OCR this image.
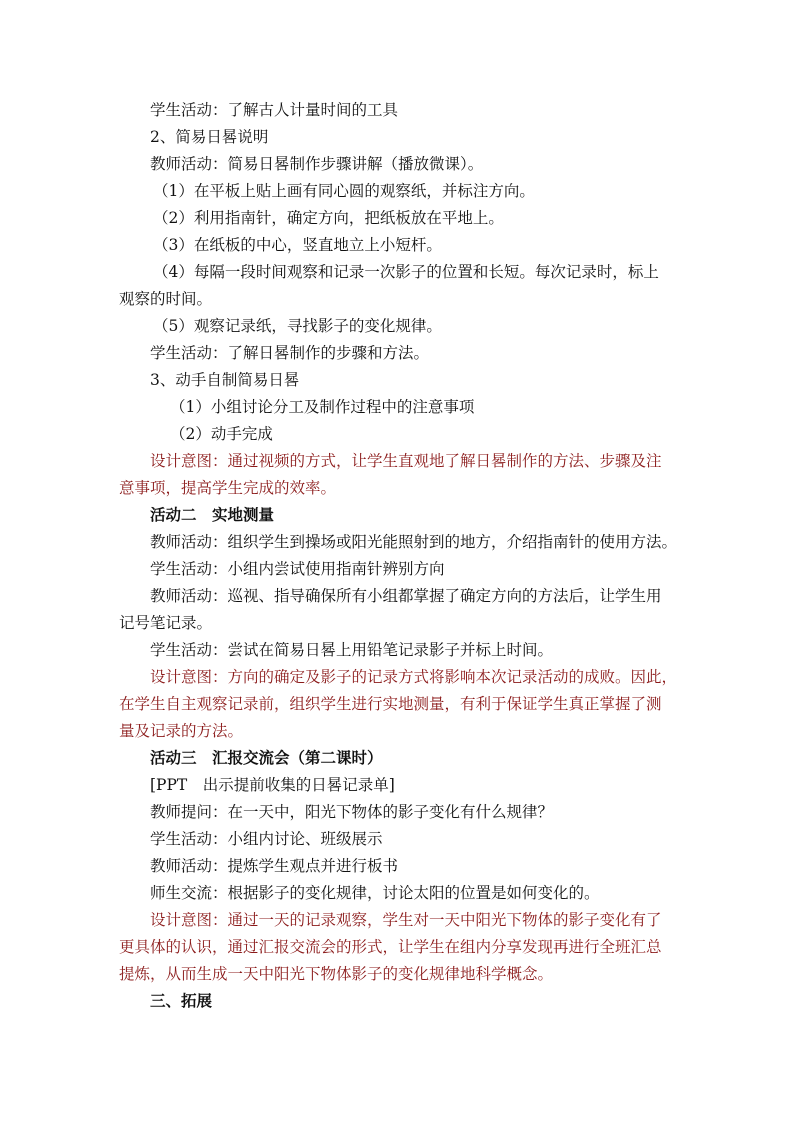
学生活动：了解古人计量时间的工具
2、简易日晷说明
教师活动：简易日晷制作步骤讲解（播放微课）。
（1）在平板上贴上画有同心圆的观察纸，并标注方向。
（2）利用指南针，确定方向，把纸板放在平地上。
（3）在纸板的中心，竖直地立上小短杆。
（4）每隔一段时间观察和记录一次影子的位置和长短。每次记录时，标上
观察的时间。
（5）观察记录纸，寻找影子的变化规律。
学生活动：了解日晷制作的步骤和方法。
3、动手自制简易日晷
（1）小组讨论分工及制作过程中的注意事项
（2）动手完成
设计意图：通过视频的方式，让学生直观地了解日晷制作的方法、步骤及注
意事项，提高学生完成的效率。
活动二　实地测量
教师活动：组织学生到操场或阳光能照射到的地方，介绍指南针的使用方法。
学生活动：小组内尝试使用指南针辨别方向
教师活动：巡视、指导确保所有小组都掌握了确定方向的方法后，让学生用
记号笔记录。
学生活动：尝试在简易日晷上用铅笔记录影子并标上时间。
设计意图：方向的确定及影子的记录方式将影响本次记录活动的成败。因此，
在学生自主观察记录前，组织学生进行实地测量，有利于保证学生真正掌握了测
量及记录的方法。
活动三　汇报交流会（第二课时）
[PPT　出示提前收集的日晷记录单]
教师提问：在一天中，阳光下物体的影子变化有什么规律？
学生活动：小组内讨论、班级展示
教师活动：提炼学生观点并进行板书
师生交流：根据影子的变化规律，讨论太阳的位置是如何变化的。
设计意图：通过一天的记录观察，学生对一天中阳光下物体的影子变化有了
更具体的认识，通过汇报交流会的形式，让学生在组内分享发现再进行全班汇总
提炼，从而生成一天中阳光下物体影子的变化规律地科学概念。
三、拓展
